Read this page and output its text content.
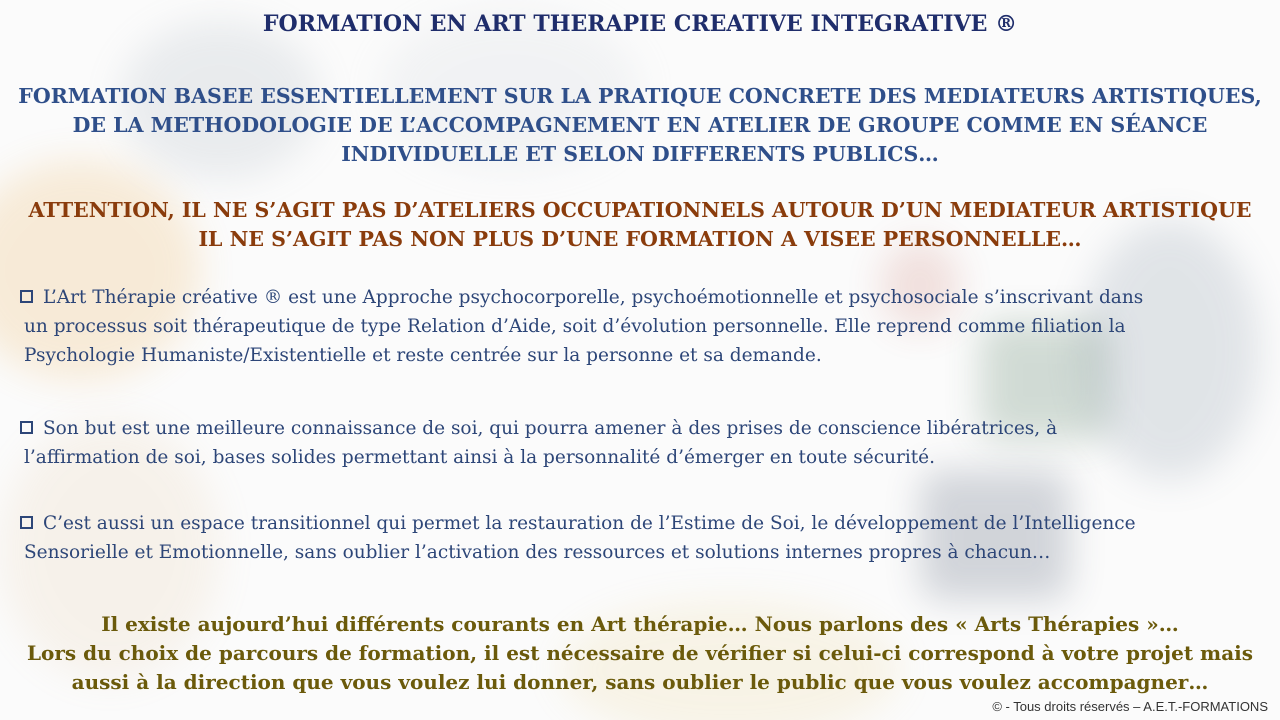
FORMATION EN ART THERAPIE CREATIVE INTEGRATIVE ®
FORMATION BASEE ESSENTIELLEMENT SUR LA PRATIQUE CONCRETE DES MEDIATEURS ARTISTIQUES,
DE LA METHODOLOGIE DE L’ACCOMPAGNEMENT EN ATELIER DE GROUPE COMME EN SÉANCE
INDIVIDUELLE ET SELON DIFFERENTS PUBLICS…
ATTENTION, IL NE S’AGIT PAS D’ATELIERS OCCUPATIONNELS AUTOUR D’UN MEDIATEUR ARTISTIQUE
IL NE S’AGIT PAS NON PLUS D’UNE FORMATION A VISEE PERSONNELLE…
L’Art Thérapie créative ® est une Approche psychocorporelle, psychoémotionnelle et psychosociale s’inscrivant dans
un processus soit thérapeutique de type Relation d’Aide, soit d’évolution personnelle. Elle reprend comme filiation la
Psychologie Humaniste/Existentielle et reste centrée sur la personne et sa demande.
Son but est une meilleure connaissance de soi, qui pourra amener à des prises de conscience libératrices, à
l’affirmation de soi, bases solides permettant ainsi à la personnalité d’émerger en toute sécurité.
C’est aussi un espace transitionnel qui permet la restauration de l’Estime de Soi, le développement de l’Intelligence
Sensorielle et Emotionnelle, sans oublier l’activation des ressources et solutions internes propres à chacun…
Il existe aujourd’hui différents courants en Art thérapie… Nous parlons des « Arts Thérapies »…
Lors du choix de parcours de formation, il est nécessaire de vérifier si celui-ci correspond à votre projet mais
aussi à la direction que vous voulez lui donner, sans oublier le public que vous voulez accompagner…
© - Tous droits réservés – A.E.T.-FORMATIONS
